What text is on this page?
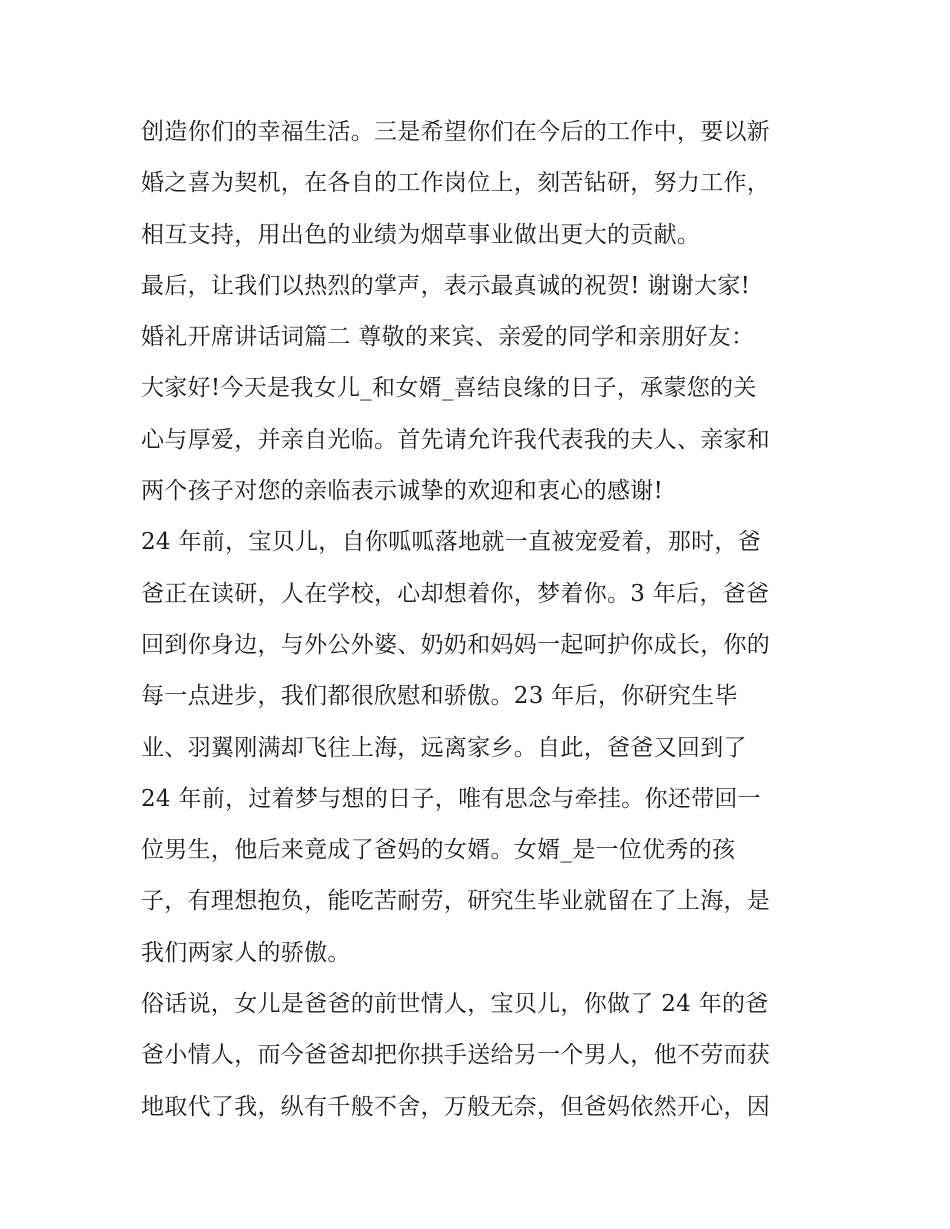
创造你们的幸福生活。三是希望你们在今后的工作中，要以新
婚之喜为契机，在各自的工作岗位上，刻苦钻研，努力工作，
相互支持，用出色的业绩为烟草事业做出更大的贡献。
最后，让我们以热烈的掌声，表示最真诚的祝贺! 谢谢大家!
婚礼开席讲话词篇二 尊敬的来宾、亲爱的同学和亲朋好友：
大家好!今天是我女儿_和女婿_喜结良缘的日子，承蒙您的关
心与厚爱，并亲自光临。首先请允许我代表我的夫人、亲家和
两个孩子对您的亲临表示诚挚的欢迎和衷心的感谢!
24 年前，宝贝儿，自你呱呱落地就一直被宠爱着，那时，爸
爸正在读研，人在学校，心却想着你，梦着你。3 年后，爸爸
回到你身边，与外公外婆、奶奶和妈妈一起呵护你成长，你的
每一点进步，我们都很欣慰和骄傲。23 年后，你研究生毕
业、羽翼刚满却飞往上海，远离家乡。自此，爸爸又回到了
24 年前，过着梦与想的日子，唯有思念与牵挂。你还带回一
位男生，他后来竟成了爸妈的女婿。女婿_是一位优秀的孩
子，有理想抱负，能吃苦耐劳，研究生毕业就留在了上海，是
我们两家人的骄傲。
俗话说，女儿是爸爸的前世情人，宝贝儿，你做了 24 年的爸
爸小情人，而今爸爸却把你拱手送给另一个男人，他不劳而获
地取代了我，纵有千般不舍，万般无奈，但爸妈依然开心，因
